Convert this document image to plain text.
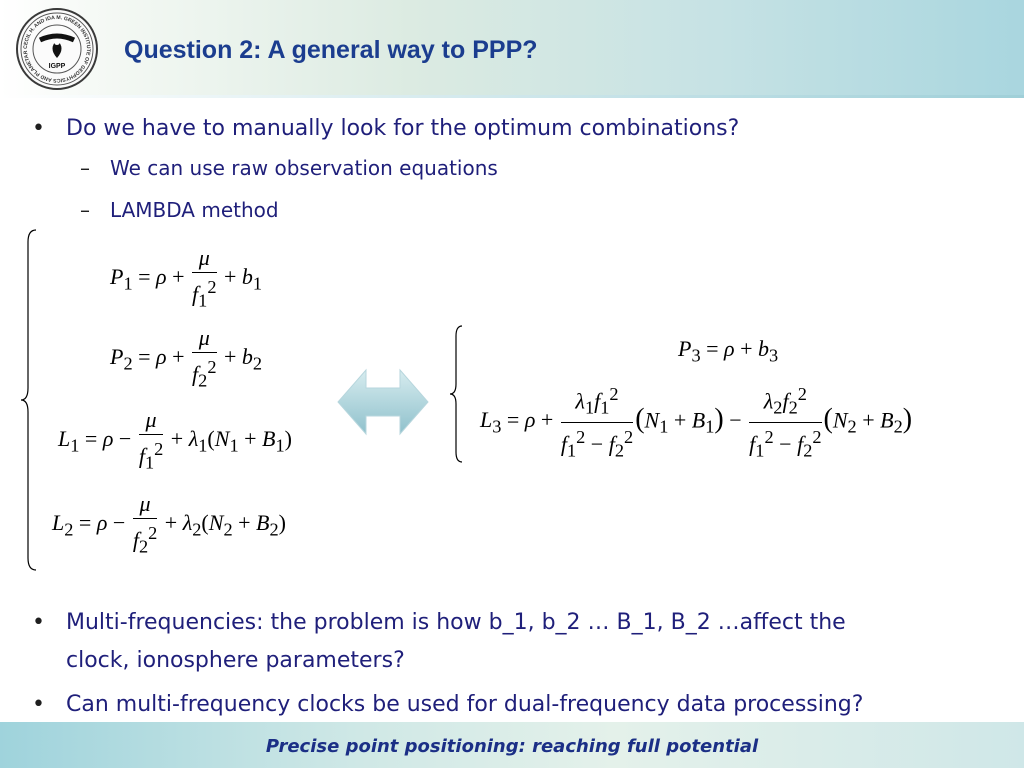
CECIL H. AND IDA M. GREEN INSTITUTE OF GEOPHYSICS AND PLANETAR
IGPP
Question 2: A general way to PPP?
• Do we have to manually look for the optimum combinations?
– We can use raw observation equations
– LAMBDA method
$P_1 = \rho + \frac{\mu}{f_1^2} + b_1$
$P_2 = \rho + \frac{\mu}{f_2^2} + b_2$
$L_1 = \rho - \frac{\mu}{f_1^2} + \lambda_1(N_1 + B_1)$
$L_2 = \rho - \frac{\mu}{f_2^2} + \lambda_2(N_2 + B_2)$
$P_3 = \rho + b_3$
$L_3 = \rho + \frac{\lambda_1f_1^2}{f_1^2 - f_2^2} (N_1 + B_1) - \frac{\lambda_2f_2^2}{f_1^2 - f_2^2} (N_2 + B_2)$
• Multi-frequencies: the problem is how b_1, b_2 … B_1, B_2 …affect the
clock, ionosphere parameters?
• Can multi-frequency clocks be used for dual-frequency data processing?
Precise point positioning: reaching full potential
